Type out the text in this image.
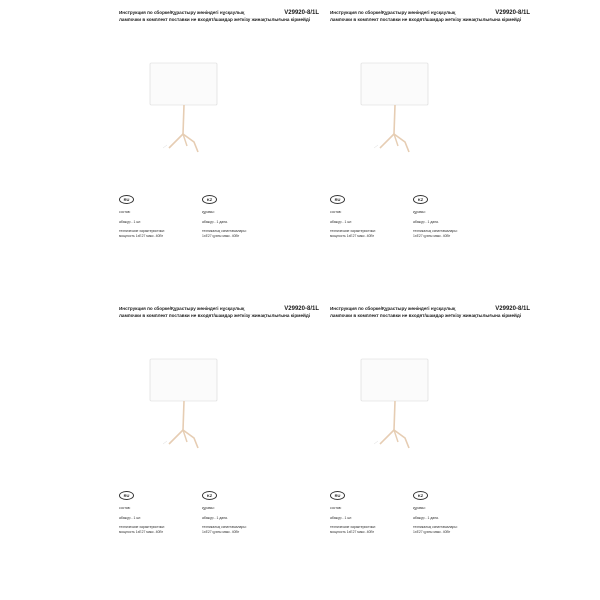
Инструкция по сборке/Құрастыру жөніндегі нұсқаулық
лампочки в комплект поставки не входят/шамдар жеткізу жинақтылығына кірмейді
V29920-8/1L
RU	KZ
состав:
абажур - 1 шт.
технические характеристики:
мощность 1xE27 макс. 40Вт
құрамы:
абажур - 1 дана.
техникалық сипаттамалары:
1xE27 қуаты макс. 40Вт
Инструкция по сборке/Құрастыру жөніндегі нұсқаулық
лампочки в комплект поставки не входят/шамдар жеткізу жинақтылығына кірмейді
V29920-8/1L
RU	KZ
состав:
абажур - 1 шт.
технические характеристики:
мощность 1xE27 макс. 40Вт
құрамы:
абажур - 1 дана.
техникалық сипаттамалары:
1xE27 қуаты макс. 40Вт
Инструкция по сборке/Құрастыру жөніндегі нұсқаулық
лампочки в комплект поставки не входят/шамдар жеткізу жинақтылығына кірмейді
V29920-8/1L
RU	KZ
состав:
абажур - 1 шт.
технические характеристики:
мощность 1xE27 макс. 40Вт
құрамы:
абажур - 1 дана.
техникалық сипаттамалары:
1xE27 қуаты макс. 40Вт
Инструкция по сборке/Құрастыру жөніндегі нұсқаулық
лампочки в комплект поставки не входят/шамдар жеткізу жинақтылығына кірмейді
V29920-8/1L
RU	KZ
состав:
абажур - 1 шт.
технические характеристики:
мощность 1xE27 макс. 40Вт
құрамы:
абажур - 1 дана.
техникалық сипаттамалары:
1xE27 қуаты макс. 40Вт
